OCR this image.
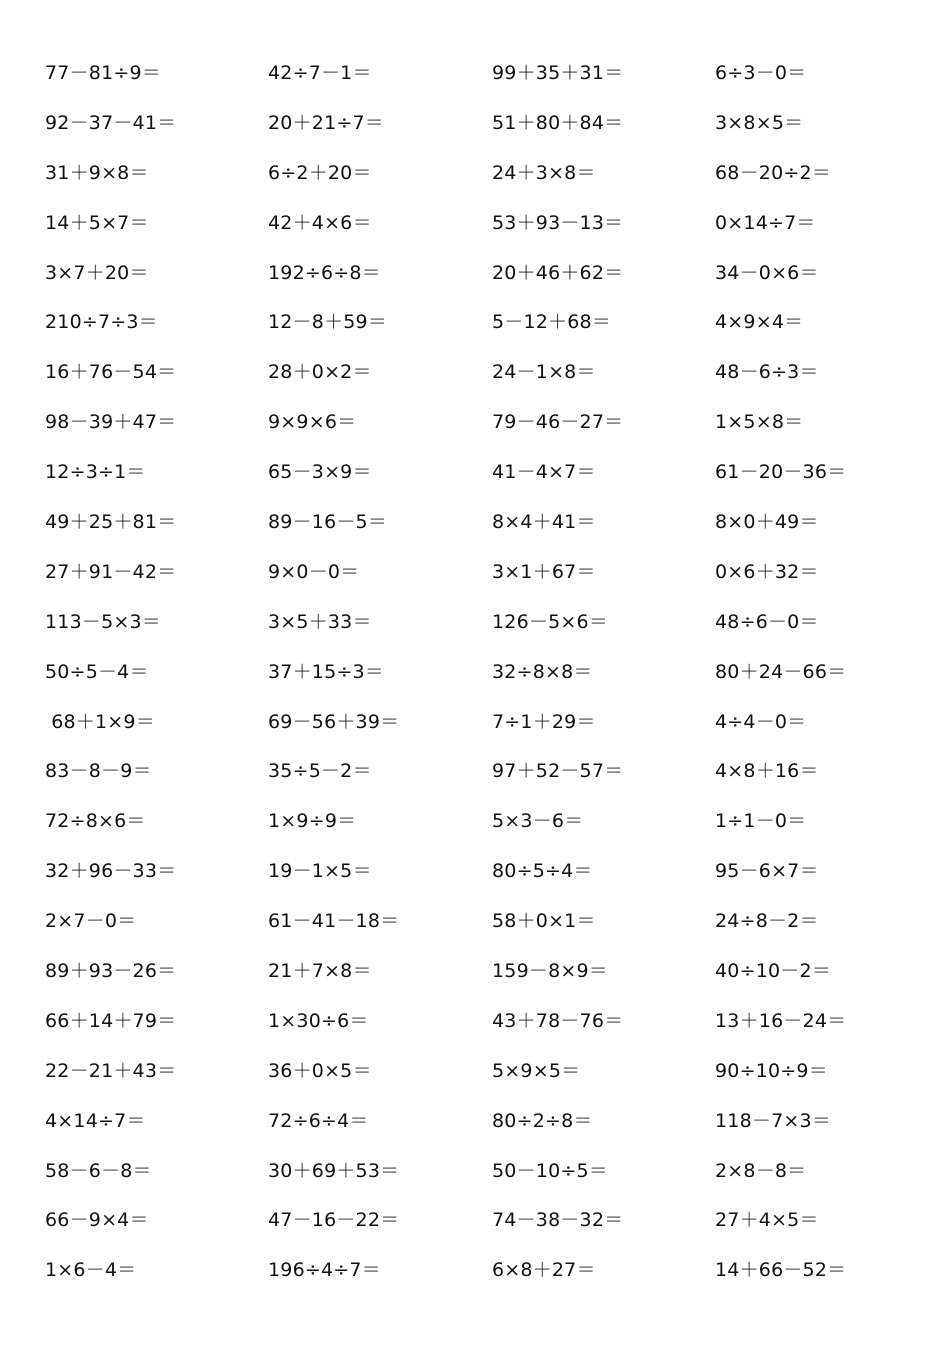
77－81÷9＝	42÷7－1＝	99＋35＋31＝	6÷3－0＝
92－37－41＝	20＋21÷7＝	51＋80＋84＝	3×8×5＝
31＋9×8＝	6÷2＋20＝	24＋3×8＝	68－20÷2＝
14＋5×7＝	42＋4×6＝	53＋93－13＝	0×14÷7＝
3×7＋20＝	192÷6÷8＝	20＋46＋62＝	34－0×6＝
210÷7÷3＝	12－8＋59＝	5－12＋68＝	4×9×4＝
16＋76－54＝	28＋0×2＝	24－1×8＝	48－6÷3＝
98－39＋47＝	9×9×6＝	79－46－27＝	1×5×8＝
12÷3÷1＝	65－3×9＝	41－4×7＝	61－20－36＝
49＋25＋81＝	89－16－5＝	8×4＋41＝	8×0＋49＝
27＋91－42＝	9×0－0＝	3×1＋67＝	0×6＋32＝
113－5×3＝	3×5＋33＝	126－5×6＝	48÷6－0＝
50÷5－4＝	37＋15÷3＝	32÷8×8＝	80＋24－66＝
68＋1×9＝	69－56＋39＝	7÷1＋29＝	4÷4－0＝
83－8－9＝	35÷5－2＝	97＋52－57＝	4×8＋16＝
72÷8×6＝	1×9÷9＝	5×3－6＝	1÷1－0＝
32＋96－33＝	19－1×5＝	80÷5÷4＝	95－6×7＝
2×7－0＝	61－41－18＝	58＋0×1＝	24÷8－2＝
89＋93－26＝	21＋7×8＝	159－8×9＝	40÷10－2＝
66＋14＋79＝	1×30÷6＝	43＋78－76＝	13＋16－24＝
22－21＋43＝	36＋0×5＝	5×9×5＝	90÷10÷9＝
4×14÷7＝	72÷6÷4＝	80÷2÷8＝	118－7×3＝
58－6－8＝	30＋69＋53＝	50－10÷5＝	2×8－8＝
66－9×4＝	47－16－22＝	74－38－32＝	27＋4×5＝
1×6－4＝	196÷4÷7＝	6×8＋27＝	14＋66－52＝
